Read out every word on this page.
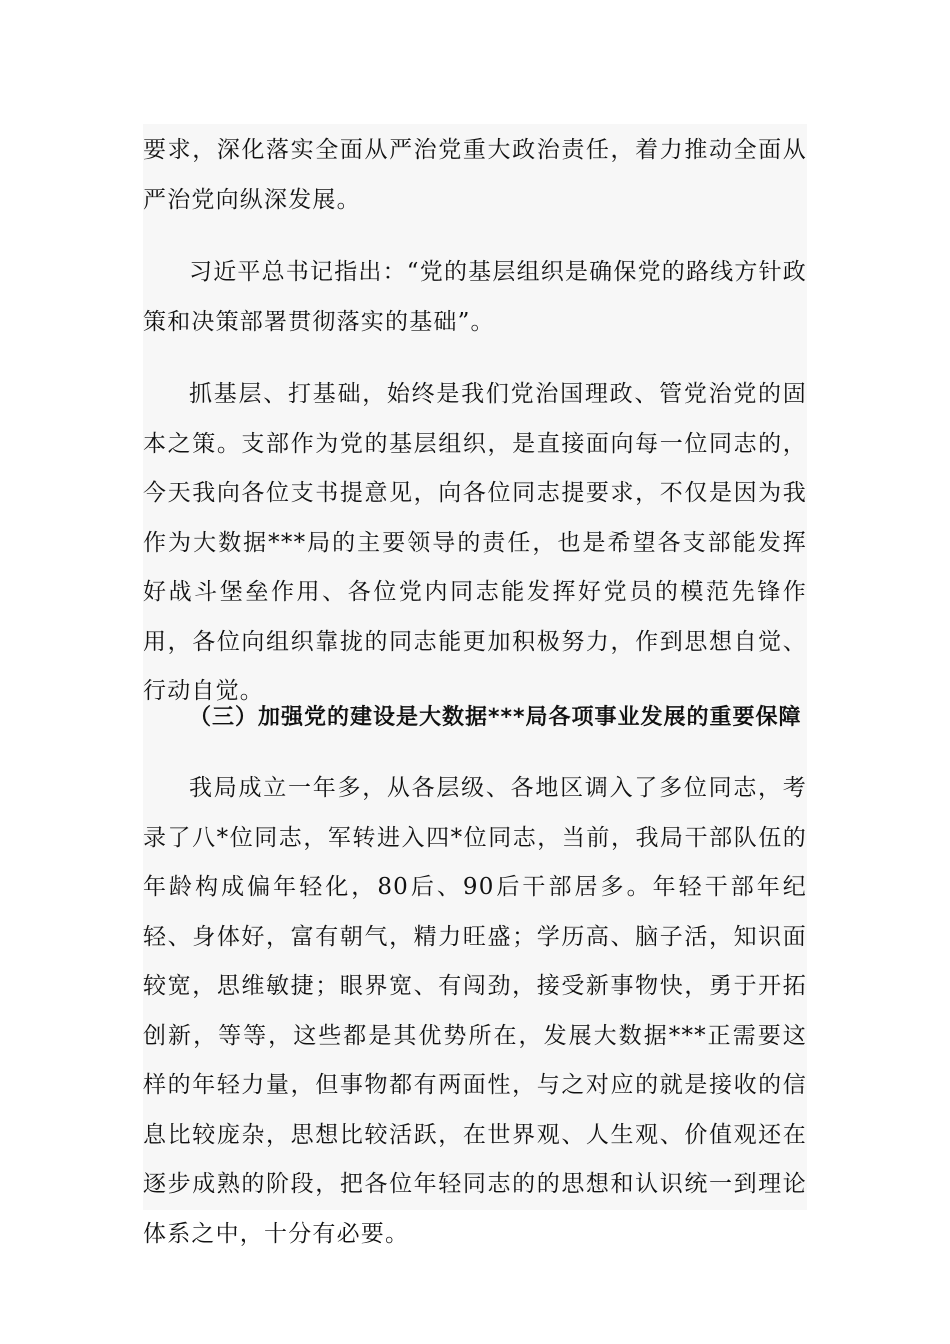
要求，深化落实全面从严治党重大政治责任，着力推动全面从严治党向纵深发展。

习近平总书记指出：“党的基层组织是确保党的路线方针政策和决策部署贯彻落实的基础”。

抓基层、打基础，始终是我们党治国理政、管党治党的固本之策。支部作为党的基层组织，是直接面向每一位同志的，今天我向各位支书提意见，向各位同志提要求，不仅是因为我作为大数据***局的主要领导的责任，也是希望各支部能发挥好战斗堡垒作用、各位党内同志能发挥好党员的模范先锋作用，各位向组织靠拢的同志能更加积极努力，作到思想自觉、行动自觉。

（三）加强党的建设是大数据***局各项事业发展的重要保障

我局成立一年多，从各层级、各地区调入了多位同志，考录了八*位同志，军转进入四*位同志，当前，我局干部队伍的年龄构成偏年轻化，80后、90后干部居多。年轻干部年纪轻、身体好，富有朝气，精力旺盛；学历高、脑子活，知识面较宽，思维敏捷；眼界宽、有闯劲，接受新事物快，勇于开拓创新，等等，这些都是其优势所在，发展大数据***正需要这样的年轻力量，但事物都有两面性，与之对应的就是接收的信息比较庞杂，思想比较活跃，在世界观、人生观、价值观还在逐步成熟的阶段，把各位年轻同志的的思想和认识统一到理论体系之中，十分有必要。
